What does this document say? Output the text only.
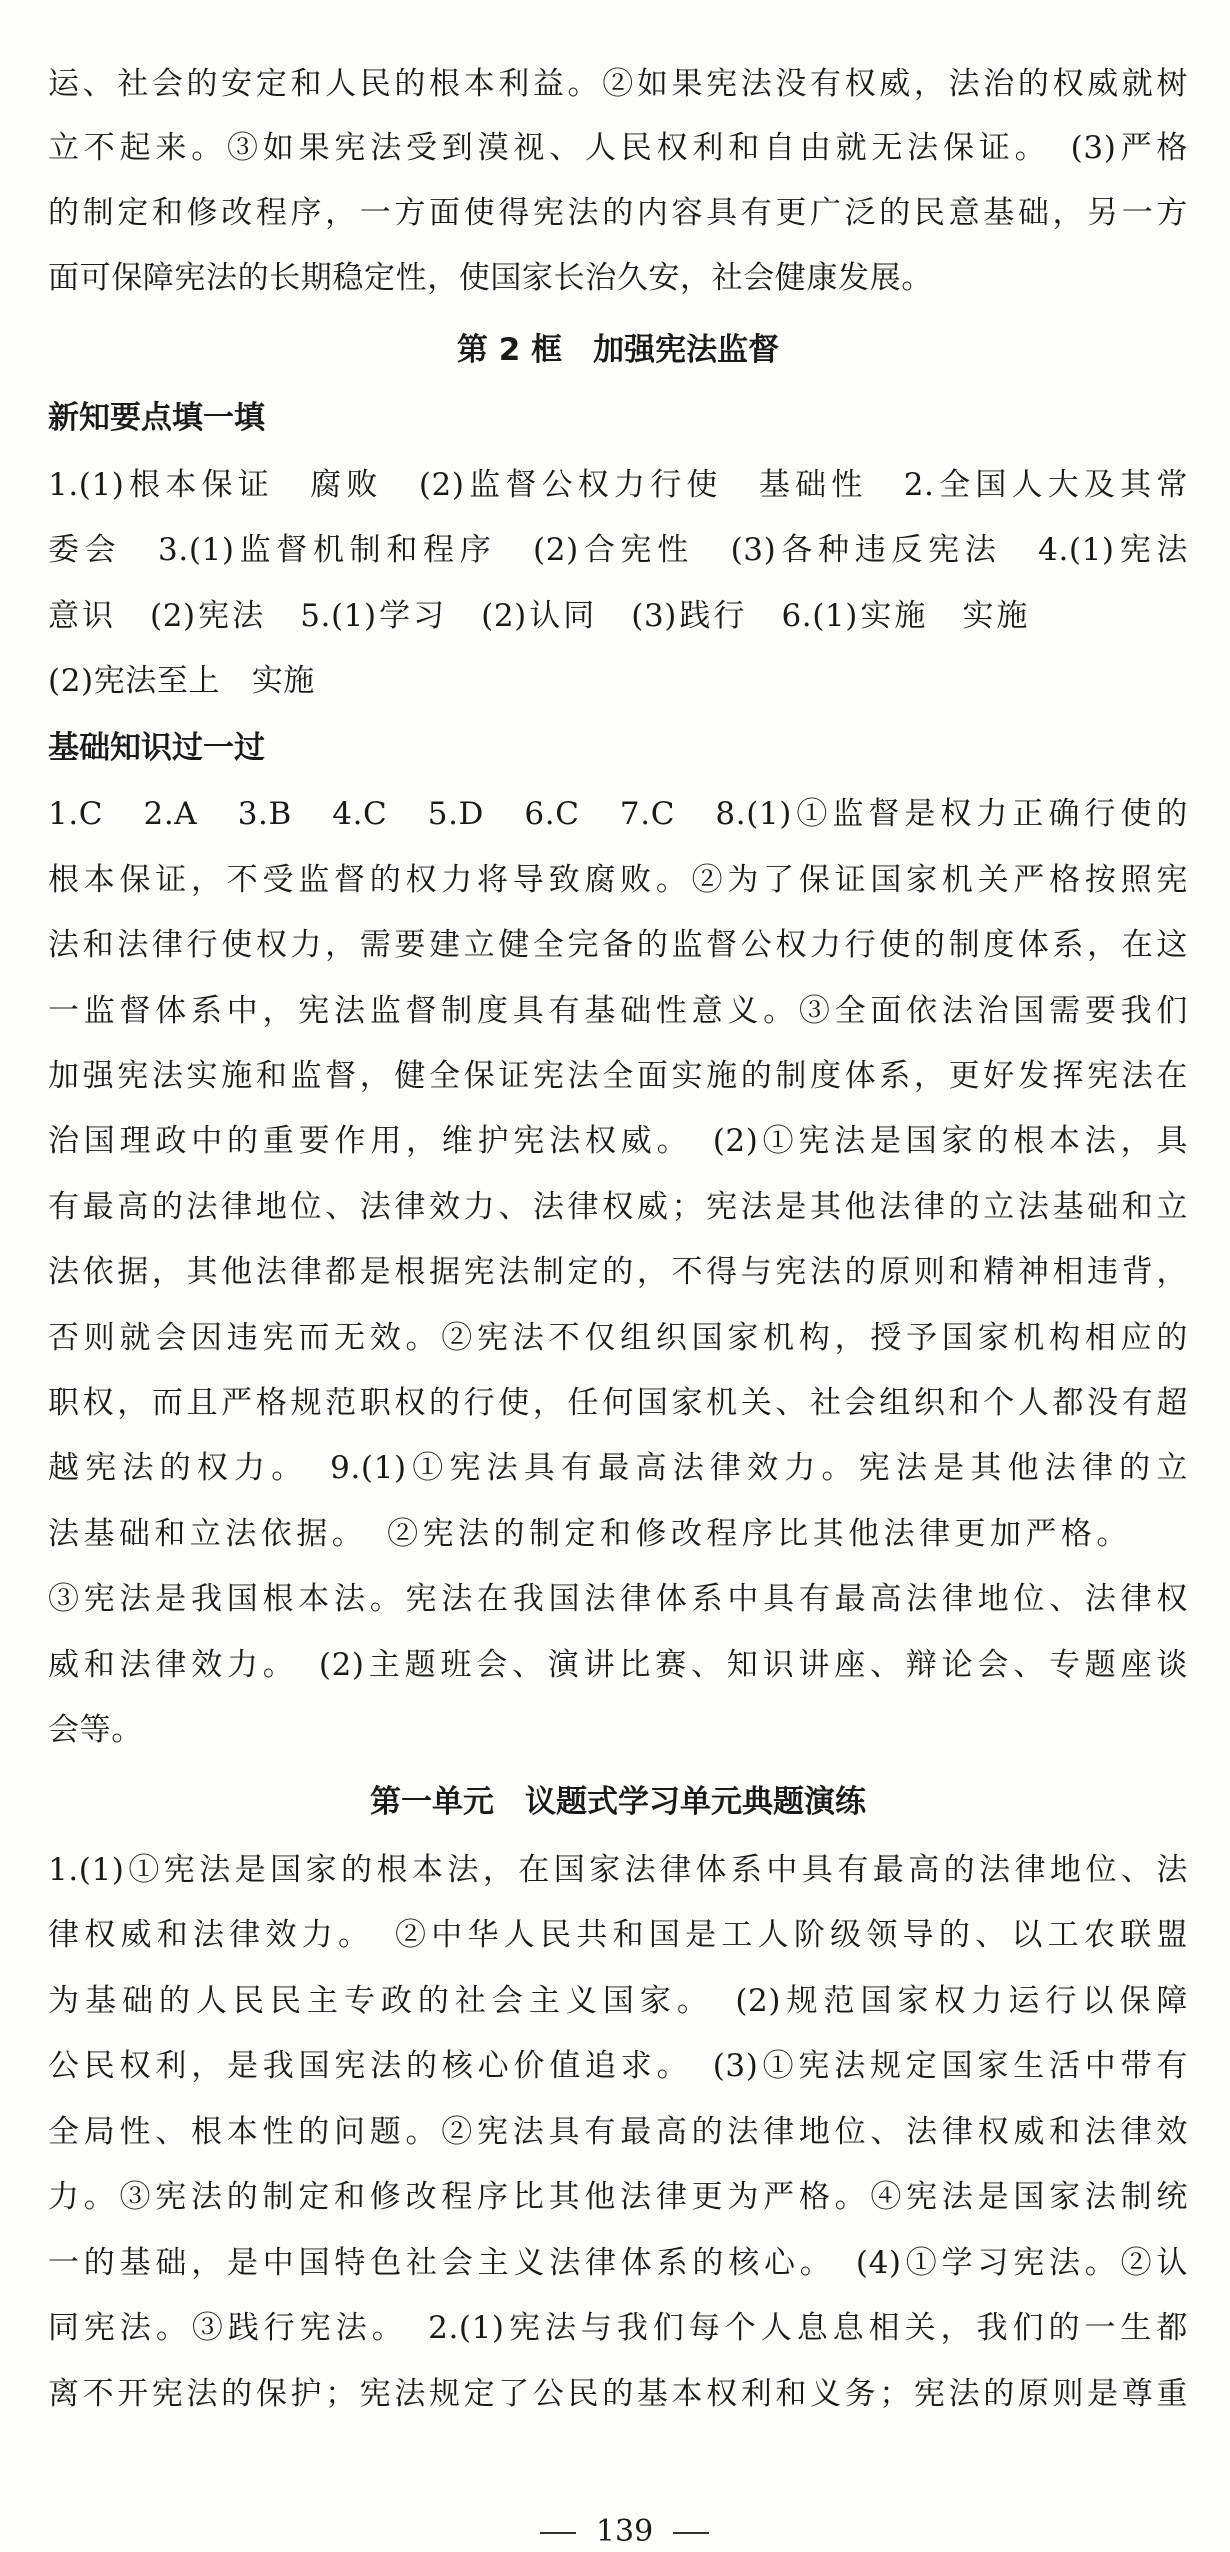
运、社会的安定和人民的根本利益。②如果宪法没有权威，法治的权威就树
立不起来。③如果宪法受到漠视、人民权利和自由就无法保证。　(3)严格
的制定和修改程序，一方面使得宪法的内容具有更广泛的民意基础，另一方
面可保障宪法的长期稳定性，使国家长治久安，社会健康发展。
第 2 框　加强宪法监督
新知要点填一填
1.(1)根本保证　腐败　(2)监督公权力行使　基础性　2.全国人大及其常
委会　3.(1)监督机制和程序　(2)合宪性　(3)各种违反宪法　4.(1)宪法
意识　(2)宪法　5.(1)学习　(2)认同　(3)践行　6.(1)实施　实施
(2)宪法至上　实施
基础知识过一过
1.C　2.A　3.B　4.C　5.D　6.C　7.C　8.(1)①监督是权力正确行使的
根本保证，不受监督的权力将导致腐败。②为了保证国家机关严格按照宪
法和法律行使权力，需要建立健全完备的监督公权力行使的制度体系，在这
一监督体系中，宪法监督制度具有基础性意义。③全面依法治国需要我们
加强宪法实施和监督，健全保证宪法全面实施的制度体系，更好发挥宪法在
治国理政中的重要作用，维护宪法权威。　(2)①宪法是国家的根本法，具
有最高的法律地位、法律效力、法律权威；宪法是其他法律的立法基础和立
法依据，其他法律都是根据宪法制定的，不得与宪法的原则和精神相违背，
否则就会因违宪而无效。②宪法不仅组织国家机构，授予国家机构相应的
职权，而且严格规范职权的行使，任何国家机关、社会组织和个人都没有超
越宪法的权力。　9.(1)①宪法具有最高法律效力。宪法是其他法律的立
法基础和立法依据。　②宪法的制定和修改程序比其他法律更加严格。
③宪法是我国根本法。宪法在我国法律体系中具有最高法律地位、法律权
威和法律效力。　(2)主题班会、演讲比赛、知识讲座、辩论会、专题座谈
会等。
第一单元　议题式学习单元典题演练
1.(1)①宪法是国家的根本法，在国家法律体系中具有最高的法律地位、法
律权威和法律效力。　②中华人民共和国是工人阶级领导的、以工农联盟
为基础的人民民主专政的社会主义国家。　(2)规范国家权力运行以保障
公民权利，是我国宪法的核心价值追求。　(3)①宪法规定国家生活中带有
全局性、根本性的问题。②宪法具有最高的法律地位、法律权威和法律效
力。③宪法的制定和修改程序比其他法律更为严格。④宪法是国家法制统
一的基础，是中国特色社会主义法律体系的核心。　(4)①学习宪法。②认
同宪法。③践行宪法。　2.(1)宪法与我们每个人息息相关，我们的一生都
离不开宪法的保护；宪法规定了公民的基本权利和义务；宪法的原则是尊重

139
